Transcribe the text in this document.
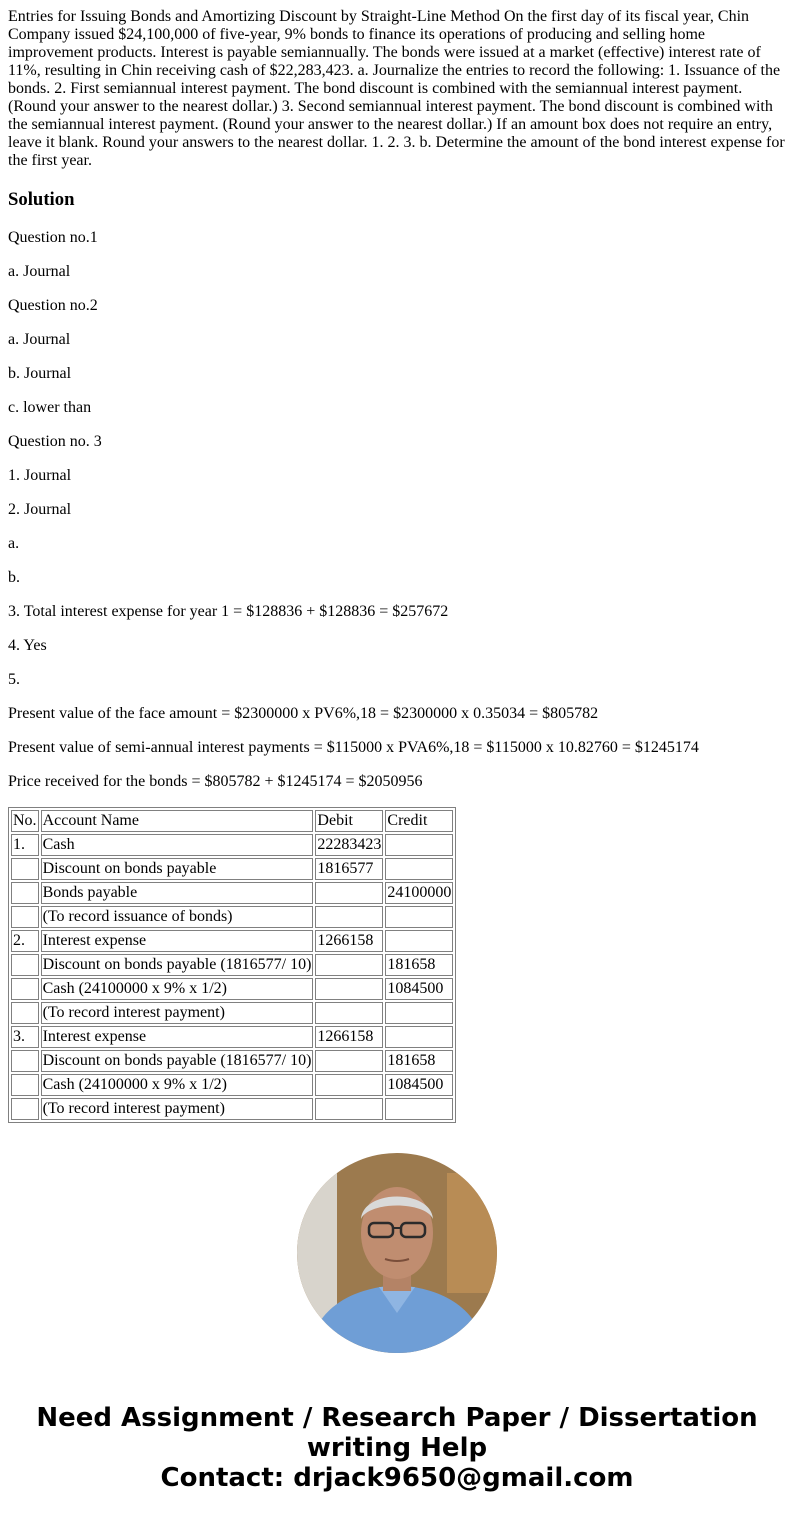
Entries for Issuing Bonds and Amortizing Discount by Straight-Line Method On the first day of its fiscal year, Chin Company issued $24,100,000 of five-year, 9% bonds to finance its operations of producing and selling home improvement products. Interest is payable semiannually. The bonds were issued at a market (effective) interest rate of 11%, resulting in Chin receiving cash of $22,283,423. a. Journalize the entries to record the following: 1. Issuance of the bonds. 2. First semiannual interest payment. The bond discount is combined with the semiannual interest payment. (Round your answer to the nearest dollar.) 3. Second semiannual interest payment. The bond discount is combined with the semiannual interest payment. (Round your answer to the nearest dollar.) If an amount box does not require an entry, leave it blank. Round your answers to the nearest dollar. 1. 2. 3. b. Determine the amount of the bond interest expense for the first year.
Solution

Question no.1

a. Journal

Question no.2

a. Journal

b. Journal

c. lower than

Question no. 3

1. Journal

2. Journal

a.

b.

3. Total interest expense for year 1 = $128836 + $128836 = $257672

4. Yes

5.

Present value of the face amount = $2300000 x PV6%,18 = $2300000 x 0.35034 = $805782

Present value of semi-annual interest payments = $115000 x PVA6%,18 = $115000 x 10.82760 = $1245174

Price received for the bonds = $805782 + $1245174 = $2050956

No.	Account Name	Debit	Credit
1.	Cash	22283423	
	Discount on bonds payable	1816577	
	Bonds payable		24100000
	(To record issuance of bonds)		
2.	Interest expense	1266158	
	Discount on bonds payable (1816577/ 10)		181658
	Cash (24100000 x 9% x 1/2)		1084500
	(To record interest payment)		
3.	Interest expense	1266158	
	Discount on bonds payable (1816577/ 10)		181658
	Cash (24100000 x 9% x 1/2)		1084500
	(To record interest payment)		
Need Assignment / Research Paper / Dissertation
writing Help
Contact: drjack9650@gmail.com
